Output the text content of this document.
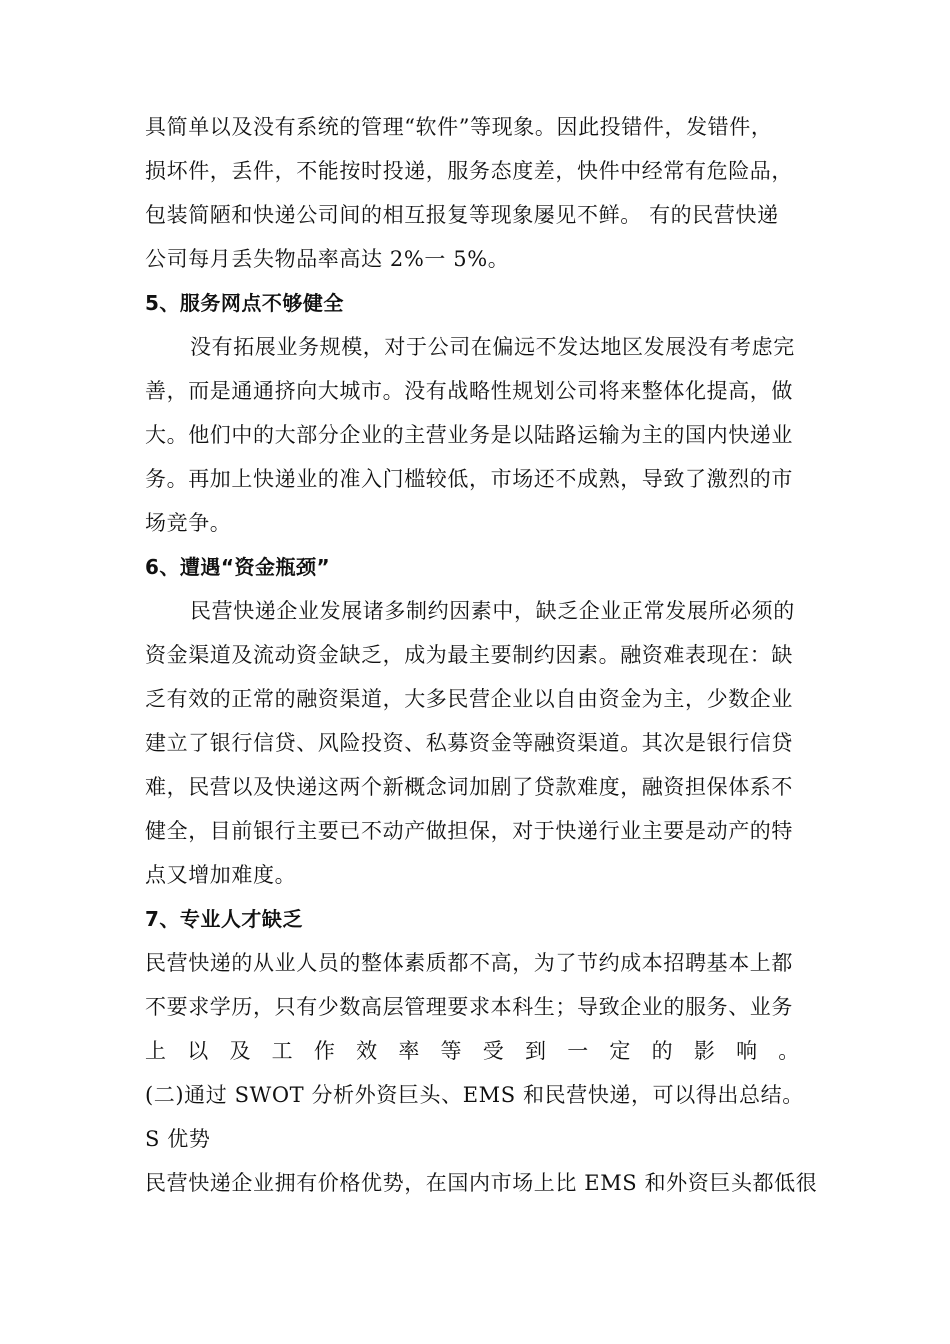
具简单以及没有系统的管理“软件”等现象。因此投错件，发错件，
损坏件，丢件，不能按时投递，服务态度差，快件中经常有危险品，
包装简陋和快递公司间的相互报复等现象屡见不鲜。 有的民营快递
公司每月丢失物品率高达 2%一 5%。
5、服务网点不够健全
没有拓展业务规模，对于公司在偏远不发达地区发展没有考虑完
善，而是通通挤向大城市。没有战略性规划公司将来整体化提高，做
大。他们中的大部分企业的主营业务是以陆路运输为主的国内快递业
务。再加上快递业的准入门槛较低，市场还不成熟，导致了激烈的市
场竞争。
6、遭遇“资金瓶颈”
民营快递企业发展诸多制约因素中，缺乏企业正常发展所必须的
资金渠道及流动资金缺乏，成为最主要制约因素。融资难表现在：缺
乏有效的正常的融资渠道，大多民营企业以自由资金为主，少数企业
建立了银行信贷、风险投资、私募资金等融资渠道。其次是银行信贷
难，民营以及快递这两个新概念词加剧了贷款难度，融资担保体系不
健全，目前银行主要已不动产做担保，对于快递行业主要是动产的特
点又增加难度。
7、专业人才缺乏
民营快递的从业人员的整体素质都不高，为了节约成本招聘基本上都
不要求学历，只有少数高层管理要求本科生；导致企业的服务、业务
上 以 及 工 作 效 率 等 受 到 一 定 的 影 响 。
(二)通过 SWOT 分析外资巨头、EMS 和民营快递，可以得出总结。
S 优势
民营快递企业拥有价格优势，在国内市场上比 EMS 和外资巨头都低很
